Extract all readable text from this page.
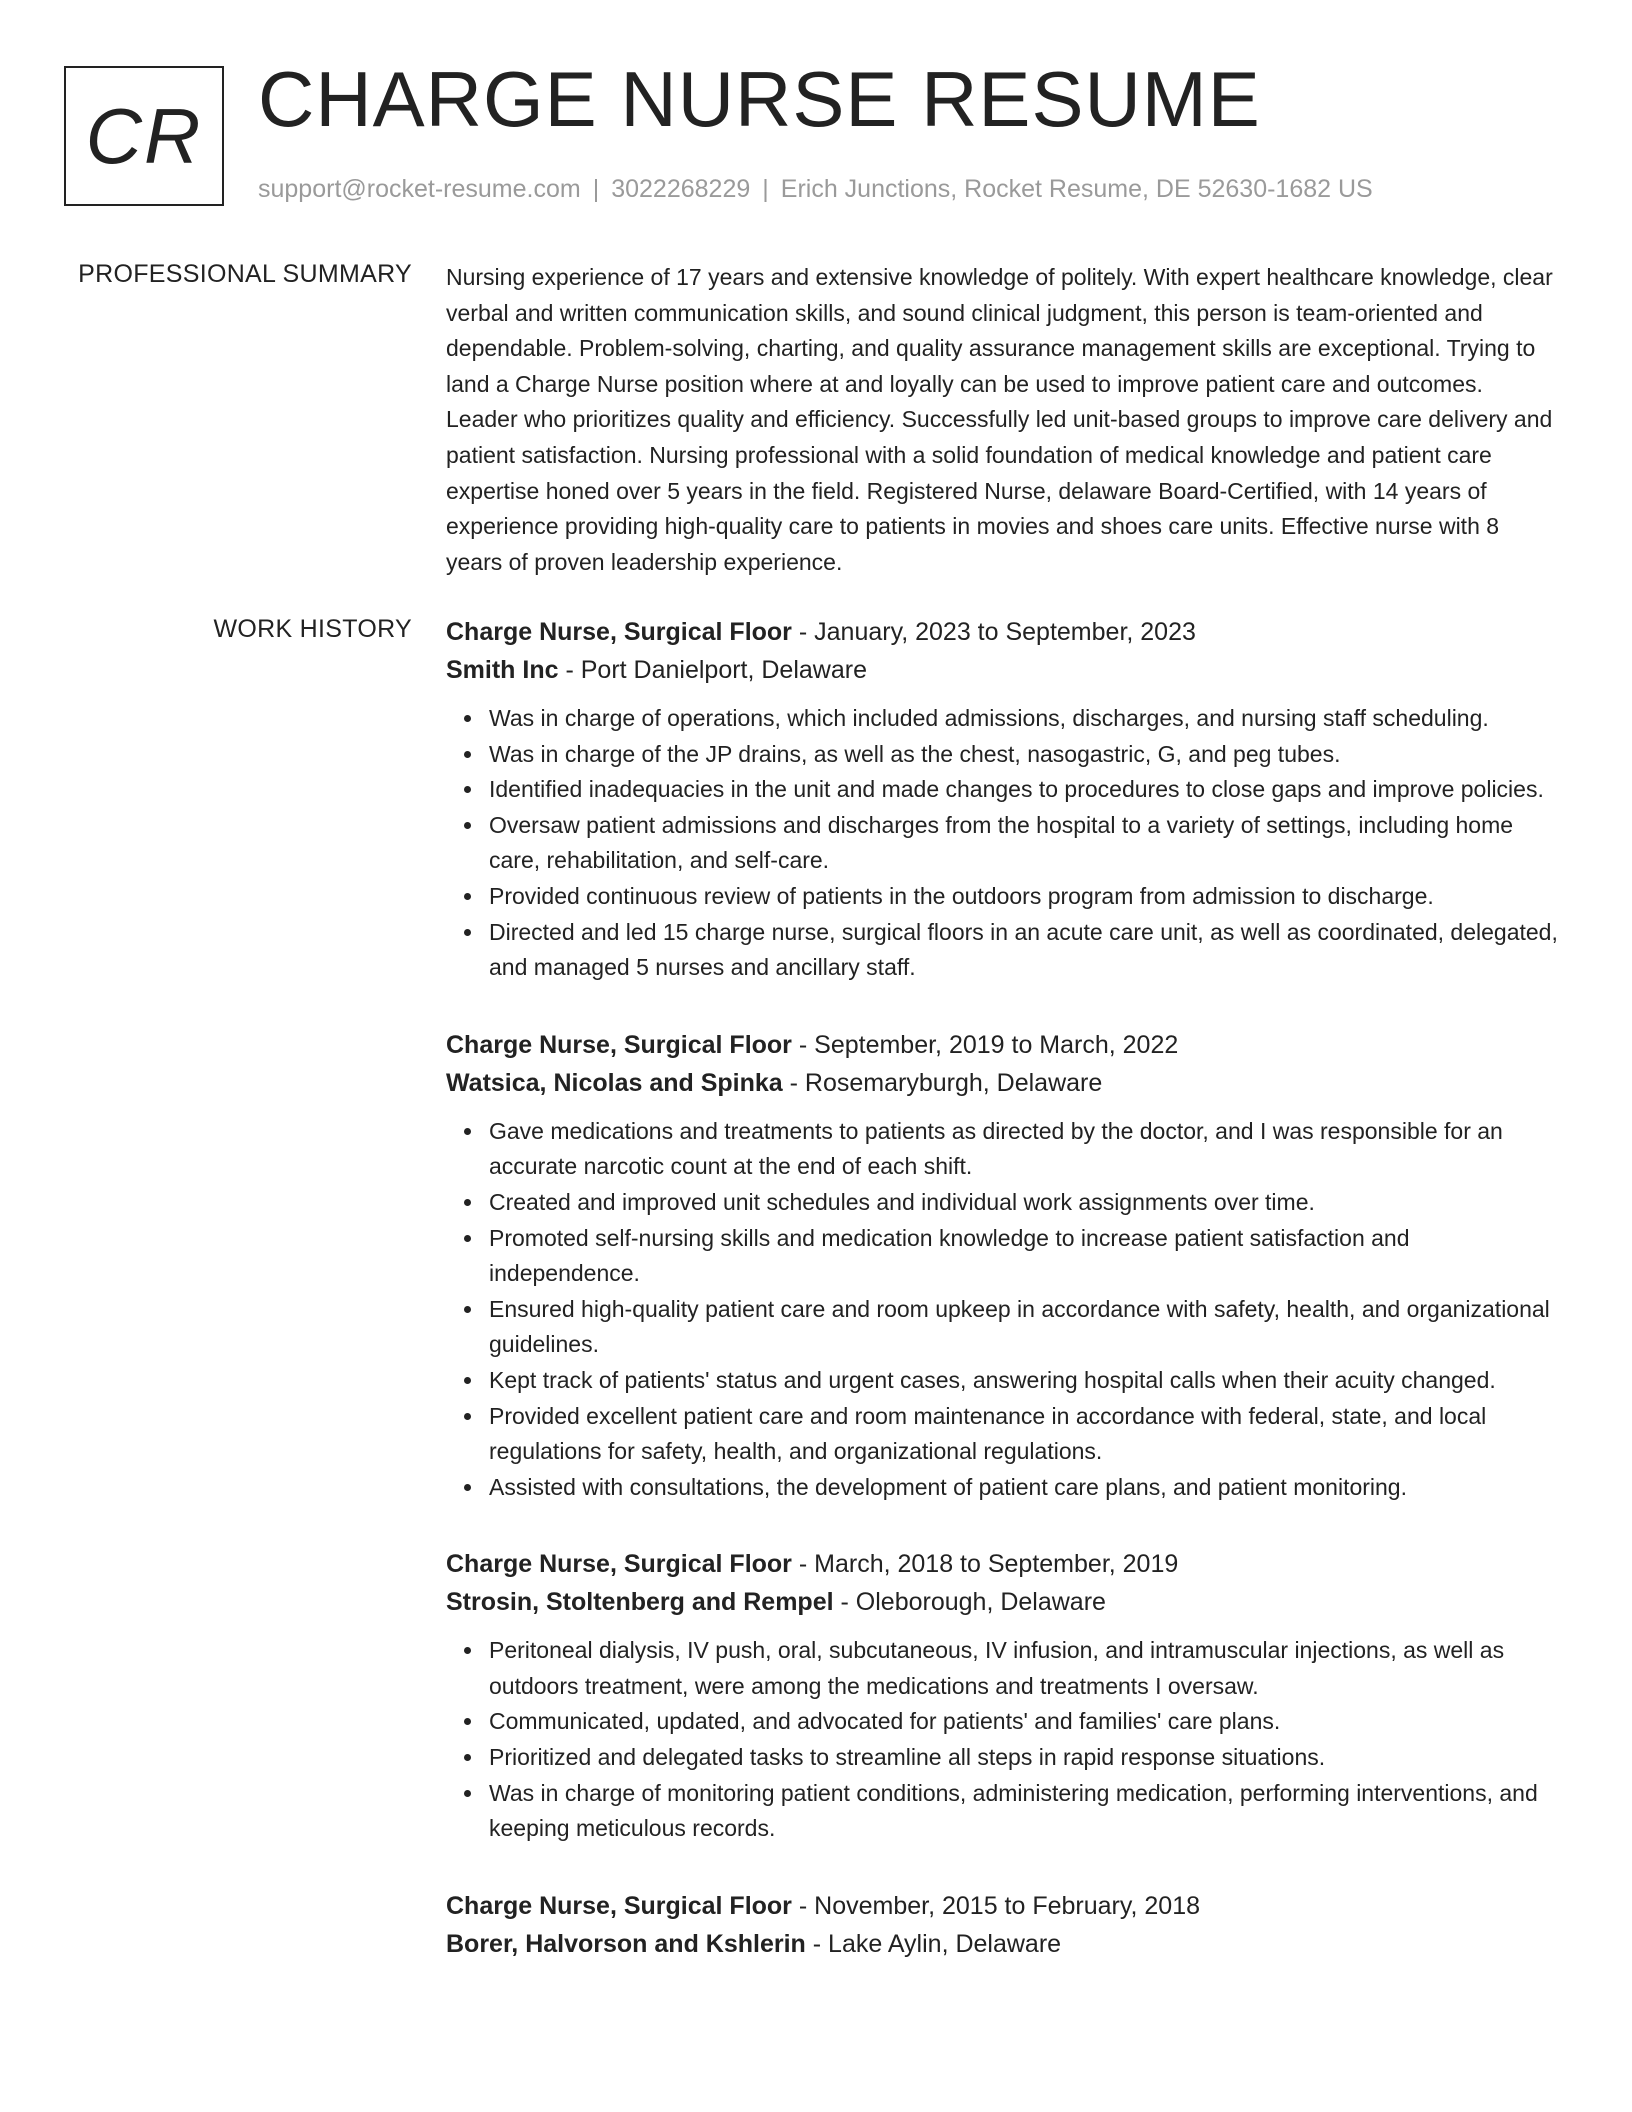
CR CHARGE NURSE RESUME
support@rocket-resume.com | 3022268229 | Erich Junctions, Rocket Resume, DE 52630-1682 US
PROFESSIONAL SUMMARY Nursing experience of 17 years and extensive knowledge of politely. With expert healthcare knowledge, clear verbal and written communication skills, and sound clinical judgment, this person is team-oriented and dependable. Problem-solving, charting, and quality assurance management skills are exceptional. Trying to land a Charge Nurse position where at and loyally can be used to improve patient care and outcomes. Leader who prioritizes quality and efficiency. Successfully led unit-based groups to improve care delivery and patient satisfaction. Nursing professional with a solid foundation of medical knowledge and patient care expertise honed over 5 years in the field. Registered Nurse, delaware Board-Certified, with 14 years of experience providing high-quality care to patients in movies and shoes care units. Effective nurse with 8 years of proven leadership experience.

WORK HISTORY Charge Nurse, Surgical Floor - January, 2023 to September, 2023
Smith Inc - Port Danielport, Delaware
Was in charge of operations, which included admissions, discharges, and nursing staff scheduling.
Was in charge of the JP drains, as well as the chest, nasogastric, G, and peg tubes.
Identified inadequacies in the unit and made changes to procedures to close gaps and improve policies.
Oversaw patient admissions and discharges from the hospital to a variety of settings, including home care, rehabilitation, and self-care.
Provided continuous review of patients in the outdoors program from admission to discharge.
Directed and led 15 charge nurse, surgical floors in an acute care unit, as well as coordinated, delegated, and managed 5 nurses and ancillary staff.
Charge Nurse, Surgical Floor - September, 2019 to March, 2022
Watsica, Nicolas and Spinka - Rosemaryburgh, Delaware
Gave medications and treatments to patients as directed by the doctor, and I was responsible for an accurate narcotic count at the end of each shift.
Created and improved unit schedules and individual work assignments over time.
Promoted self-nursing skills and medication knowledge to increase patient satisfaction and independence.
Ensured high-quality patient care and room upkeep in accordance with safety, health, and organizational guidelines.
Kept track of patients' status and urgent cases, answering hospital calls when their acuity changed.
Provided excellent patient care and room maintenance in accordance with federal, state, and local regulations for safety, health, and organizational regulations.
Assisted with consultations, the development of patient care plans, and patient monitoring.
Charge Nurse, Surgical Floor - March, 2018 to September, 2019
Strosin, Stoltenberg and Rempel - Oleborough, Delaware
Peritoneal dialysis, IV push, oral, subcutaneous, IV infusion, and intramuscular injections, as well as outdoors treatment, were among the medications and treatments I oversaw.
Communicated, updated, and advocated for patients' and families' care plans.
Prioritized and delegated tasks to streamline all steps in rapid response situations.
Was in charge of monitoring patient conditions, administering medication, performing interventions, and keeping meticulous records.
Charge Nurse, Surgical Floor - November, 2015 to February, 2018
Borer, Halvorson and Kshlerin - Lake Aylin, Delaware
